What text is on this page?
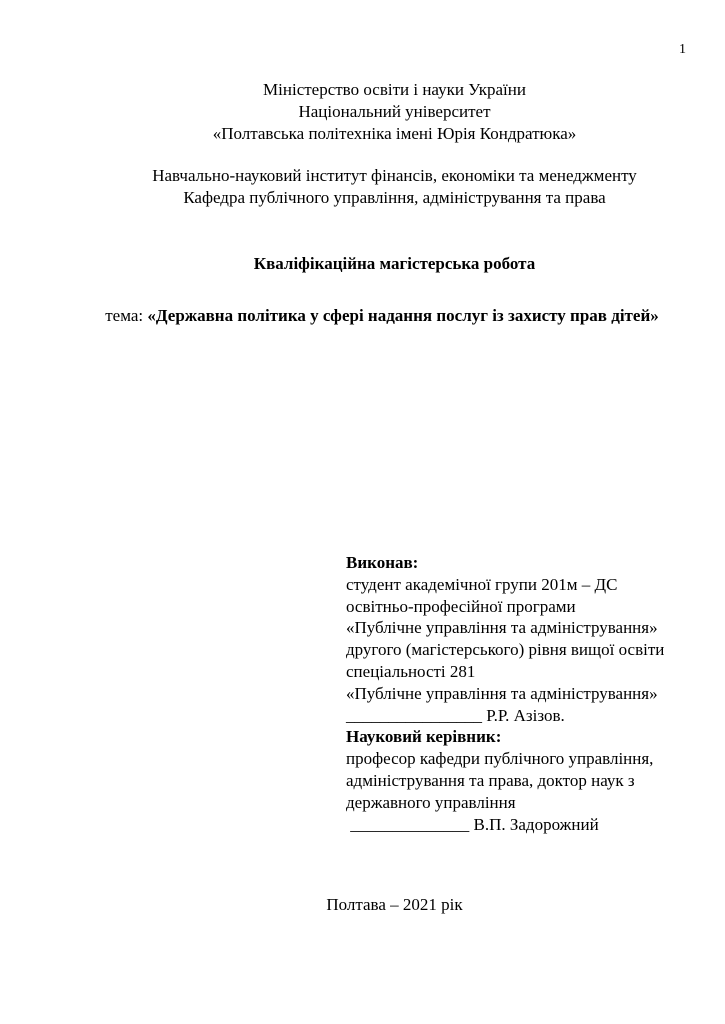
1
Міністерство освіти і науки України
Національний університет
«Полтавська політехніка імені Юрія Кондратюка»
Навчально-науковий інститут фінансів, економіки та менеджменту
Кафедра публічного управління, адміністрування та права
Кваліфікаційна магістерська робота
тема: «Державна політика у сфері надання послуг із захисту прав дітей»
Виконав:
студент академічної групи 201м – ДС
освітньо-професійної програми
«Публічне управління та адміністрування»
другого (магістерського) рівня вищої освіти
спеціальності 281
«Публічне управління та адміністрування»
________________ Р.Р. Азізов.
Науковий керівник:
професор кафедри публічного управління,
адміністрування та права, доктор наук з
державного управління
______________ В.П. Задорожний
Полтава – 2021 рік
